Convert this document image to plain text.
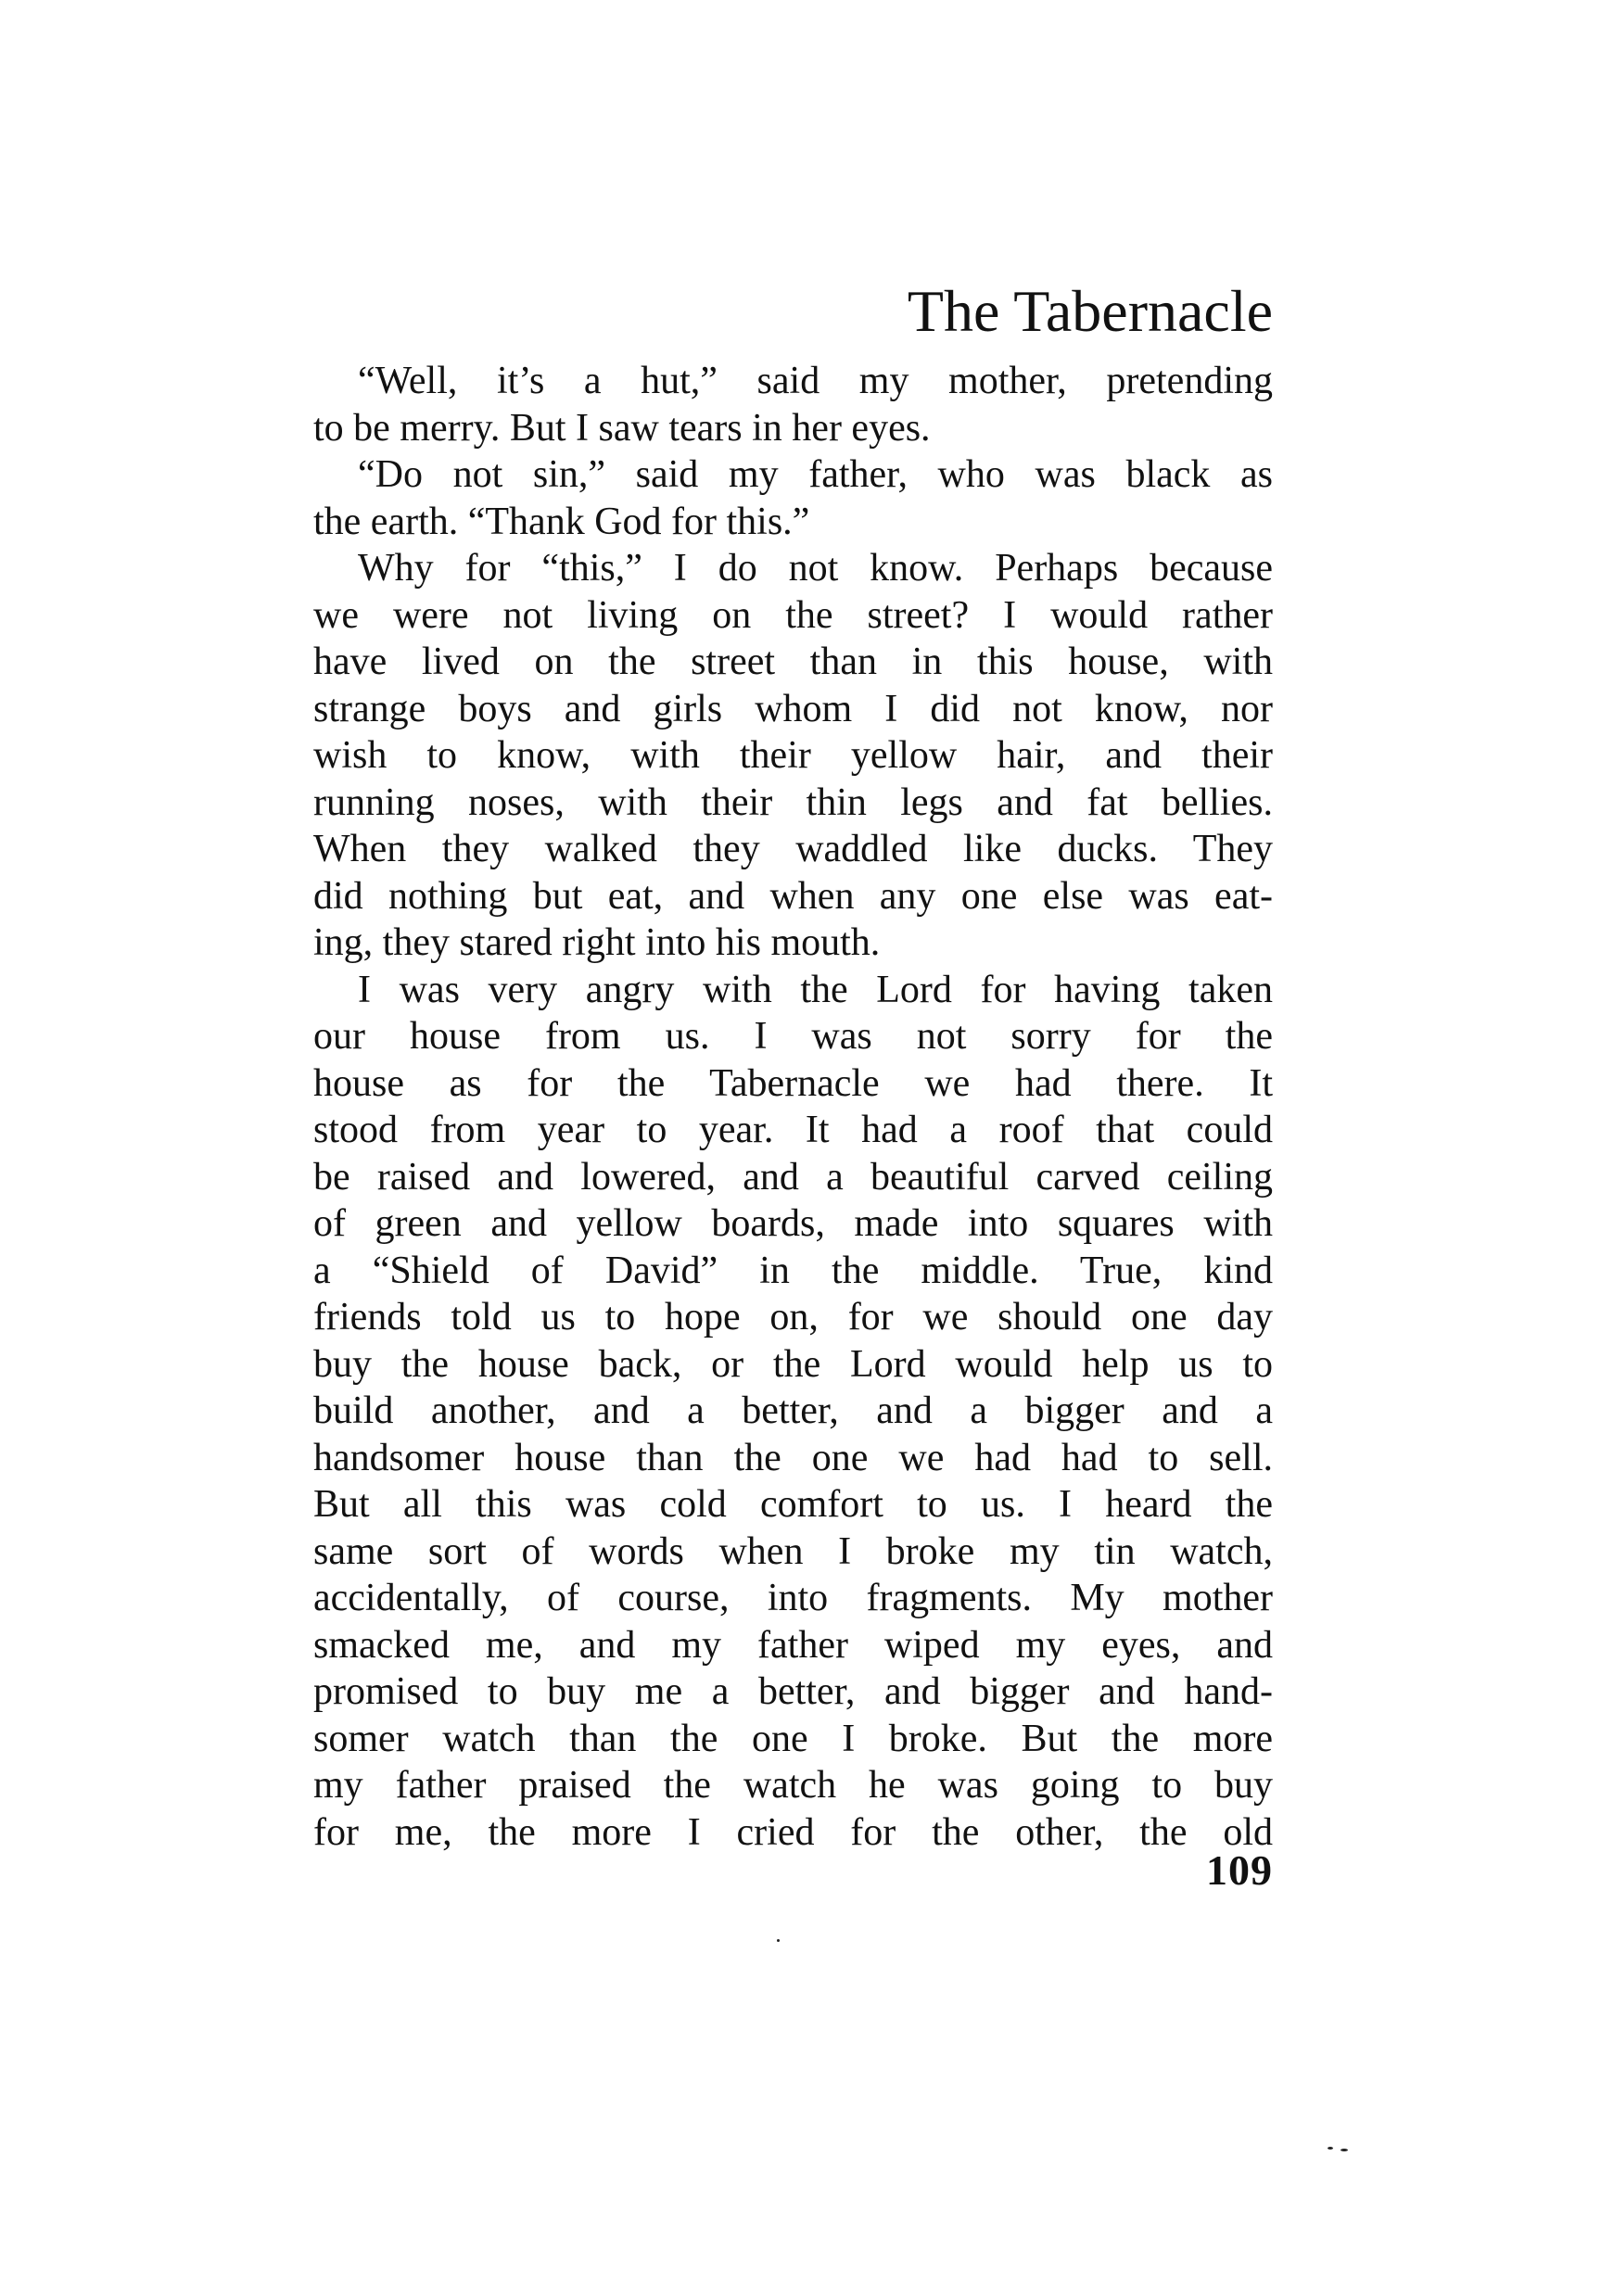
The Tabernacle
“Well, it’s a hut,” said my mother, pretending
to be merry. But I saw tears in her eyes.
“Do not sin,” said my father, who was black as
the earth. “Thank God for this.”
Why for “this,” I do not know. Perhaps because
we were not living on the street? I would rather
have lived on the street than in this house, with
strange boys and girls whom I did not know, nor
wish to know, with their yellow hair, and their
running noses, with their thin legs and fat bellies.
When they walked they waddled like ducks. They
did nothing but eat, and when any one else was eat-
ing, they stared right into his mouth.
I was very angry with the Lord for having taken
our house from us. I was not sorry for the
house as for the Tabernacle we had there. It
stood from year to year. It had a roof that could
be raised and lowered, and a beautiful carved ceiling
of green and yellow boards, made into squares with
a “Shield of David” in the middle. True, kind
friends told us to hope on, for we should one day
buy the house back, or the Lord would help us to
build another, and a better, and a bigger and a
handsomer house than the one we had had to sell.
But all this was cold comfort to us. I heard the
same sort of words when I broke my tin watch,
accidentally, of course, into fragments. My mother
smacked me, and my father wiped my eyes, and
promised to buy me a better, and bigger and hand-
somer watch than the one I broke. But the more
my father praised the watch he was going to buy
for me, the more I cried for the other, the old
109
